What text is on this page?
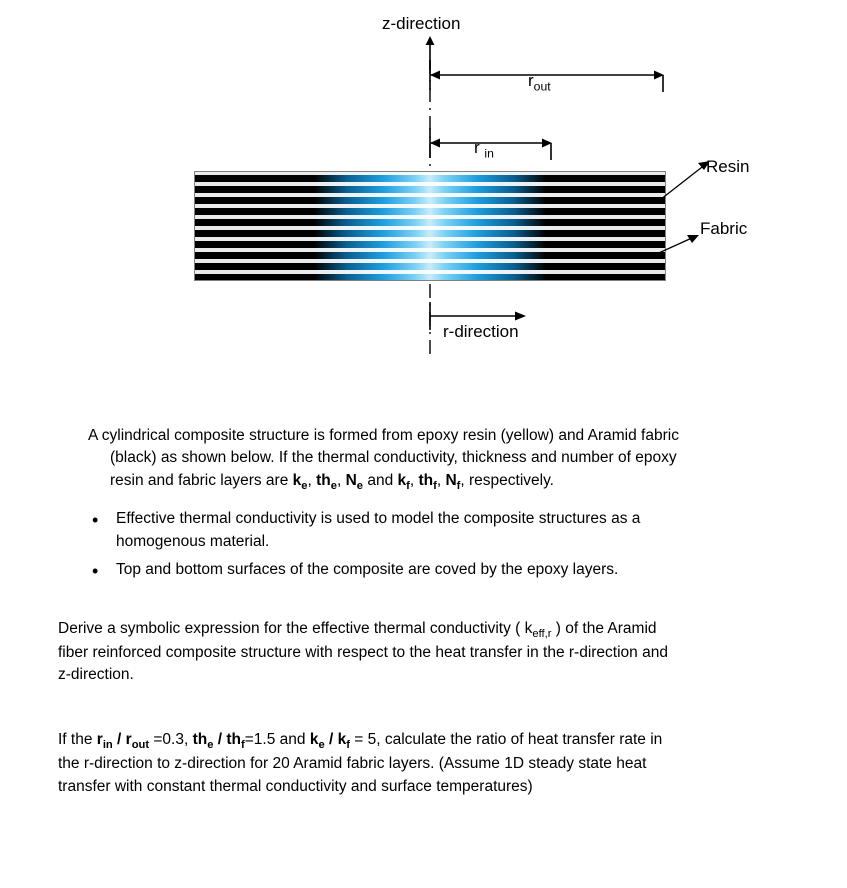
z-direction
$r_{out}$
r $_{in}$
Resin
Fabric
r-direction
A cylindrical composite structure is formed from epoxy resin (yellow) and Aramid fabric
(black) as shown below. If the thermal conductivity, thickness and number of epoxy
resin and fabric layers are $k_e$, $th_e$, $N_e$ and $k_f$, $th_f$, $N_f$, respectively.
• Effective thermal conductivity is used to model the composite structures as a
homogenous material.
• Top and bottom surfaces of the composite are coved by the epoxy layers.
Derive a symbolic expression for the effective thermal conductivity ( $k_{eff,r}$ ) of the Aramid
fiber reinforced composite structure with respect to the heat transfer in the r-direction and
z-direction.
If the $r_{in} / r_{out} =0.3$, $th_e / th_f=1.5$ and $k_e / k_f = 5$, calculate the ratio of heat transfer rate in
the r-direction to z-direction for 20 Aramid fabric layers. (Assume 1D steady state heat
transfer with constant thermal conductivity and surface temperatures)
